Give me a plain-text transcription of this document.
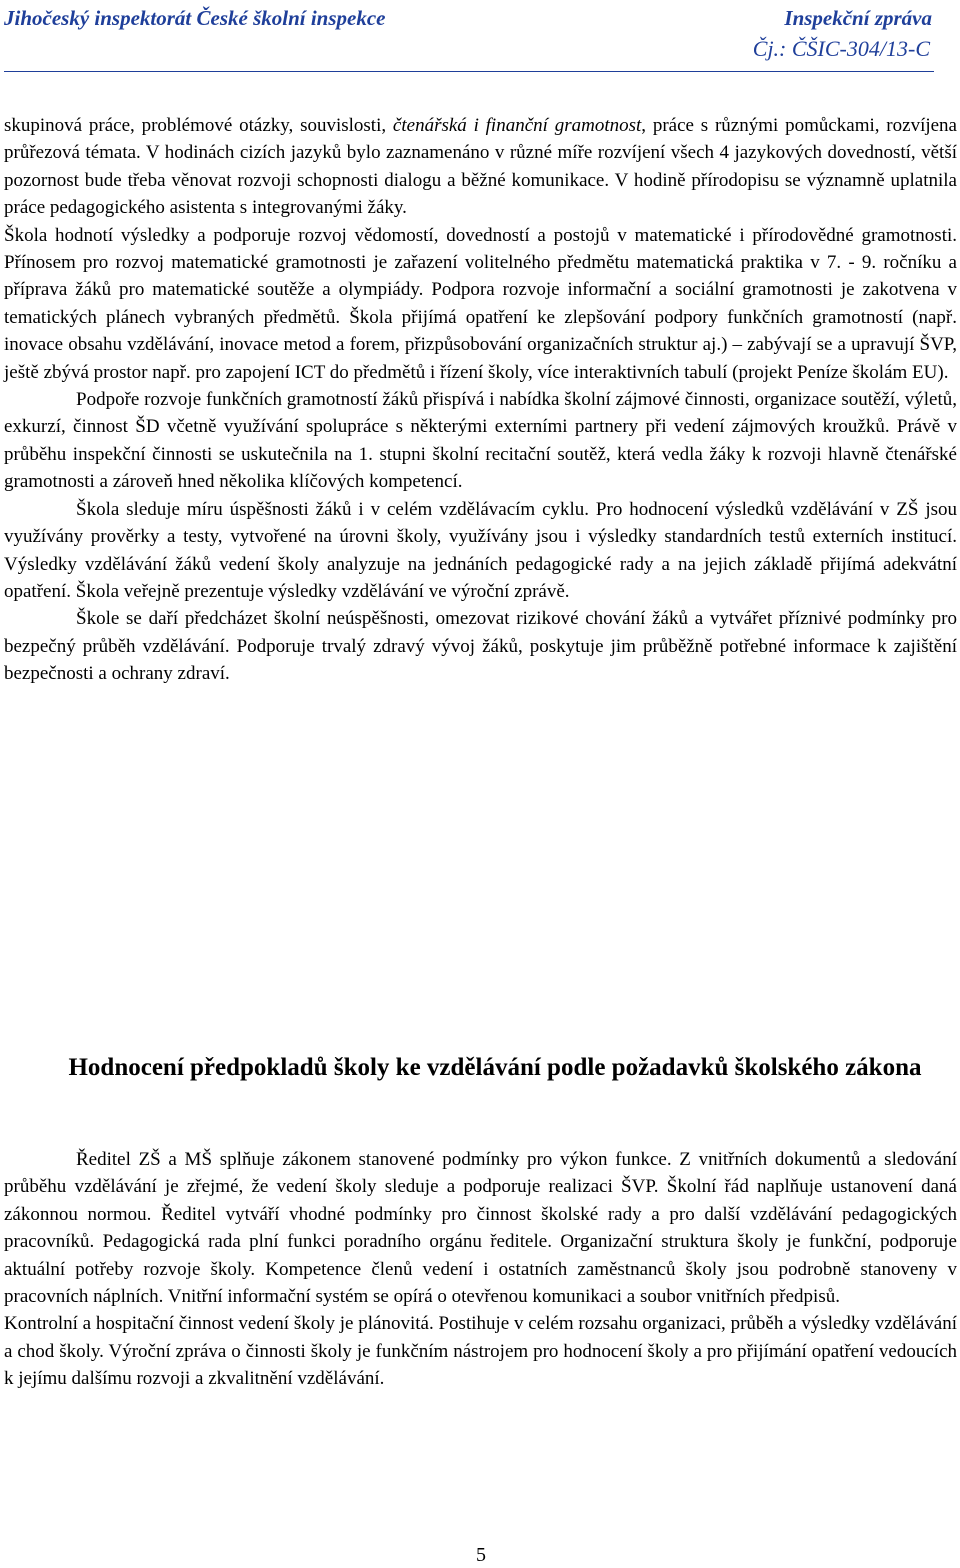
Jihočeský inspektorát České školní inspekce	Inspekční zpráva
Čj.: ČŠIC-304/13-C

skupinová práce, problémové otázky, souvislosti, čtenářská i finanční gramotnost, práce s různými pomůckami, rozvíjena průřezová témata. V hodinách cizích jazyků bylo zaznamenáno v různé míře rozvíjení všech 4 jazykových dovedností, větší pozornost bude třeba věnovat rozvoji schopnosti dialogu a běžné komunikace. V hodině přírodopisu se významně uplatnila práce pedagogického asistenta s integrovanými žáky.

Škola hodnotí výsledky a podporuje rozvoj vědomostí, dovedností a postojů v matematické i přírodovědné gramotnosti. Přínosem pro rozvoj matematické gramotnosti je zařazení volitelného předmětu matematická praktika v 7. - 9. ročníku a příprava žáků pro matematické soutěže a olympiády. Podpora rozvoje informační a sociální gramotnosti je zakotvena v tematických plánech vybraných předmětů. Škola přijímá opatření ke zlepšování podpory funkčních gramotností (např. inovace obsahu vzdělávání, inovace metod a forem, přizpůsobování organizačních struktur aj.) – zabývají se a upravují ŠVP, ještě zbývá prostor např. pro zapojení ICT do předmětů i řízení školy, více interaktivních tabulí (projekt Peníze školám EU).

Podpoře rozvoje funkčních gramotností žáků přispívá i nabídka školní zájmové činnosti, organizace soutěží, výletů, exkurzí, činnost ŠD včetně využívání spolupráce s některými externími partnery při vedení zájmových kroužků. Právě v průběhu inspekční činnosti se uskutečnila na 1. stupni školní recitační soutěž, která vedla žáky k rozvoji hlavně čtenářské gramotnosti a zároveň hned několika klíčových kompetencí.

Škola sleduje míru úspěšnosti žáků i v celém vzdělávacím cyklu. Pro hodnocení výsledků vzdělávání v ZŠ jsou využívány prověrky a testy, vytvořené na úrovni školy, využívány jsou i výsledky standardních testů externích institucí. Výsledky vzdělávání žáků vedení školy analyzuje na jednáních pedagogické rady a na jejich základě přijímá adekvátní opatření. Škola veřejně prezentuje výsledky vzdělávání ve výroční zprávě.

Škole se daří předcházet školní neúspěšnosti, omezovat rizikové chování žáků a vytvářet příznivé podmínky pro bezpečný průběh vzdělávání. Podporuje trvalý zdravý vývoj žáků, poskytuje jim průběžně potřebné informace k zajištění bezpečnosti a ochrany zdraví.

Hodnocení předpokladů školy ke vzdělávání podle požadavků školského zákona

Ředitel ZŠ a MŠ splňuje zákonem stanovené podmínky pro výkon funkce. Z vnitřních dokumentů a sledování průběhu vzdělávání je zřejmé, že vedení školy sleduje a podporuje realizaci ŠVP. Školní řád naplňuje ustanovení daná zákonnou normou. Ředitel vytváří vhodné podmínky pro činnost školské rady a pro další vzdělávání pedagogických pracovníků. Pedagogická rada plní funkci poradního orgánu ředitele. Organizační struktura školy je funkční, podporuje aktuální potřeby rozvoje školy. Kompetence členů vedení i ostatních zaměstnanců školy jsou podrobně stanoveny v pracovních náplních. Vnitřní informační systém se opírá o otevřenou komunikaci a soubor vnitřních předpisů.

Kontrolní a hospitační činnost vedení školy je plánovitá. Postihuje v celém rozsahu organizaci, průběh a výsledky vzdělávání a chod školy. Výroční zpráva o činnosti školy je funkčním nástrojem pro hodnocení školy a pro přijímání opatření vedoucích k jejímu dalšímu rozvoji a zkvalitnění vzdělávání.

5
